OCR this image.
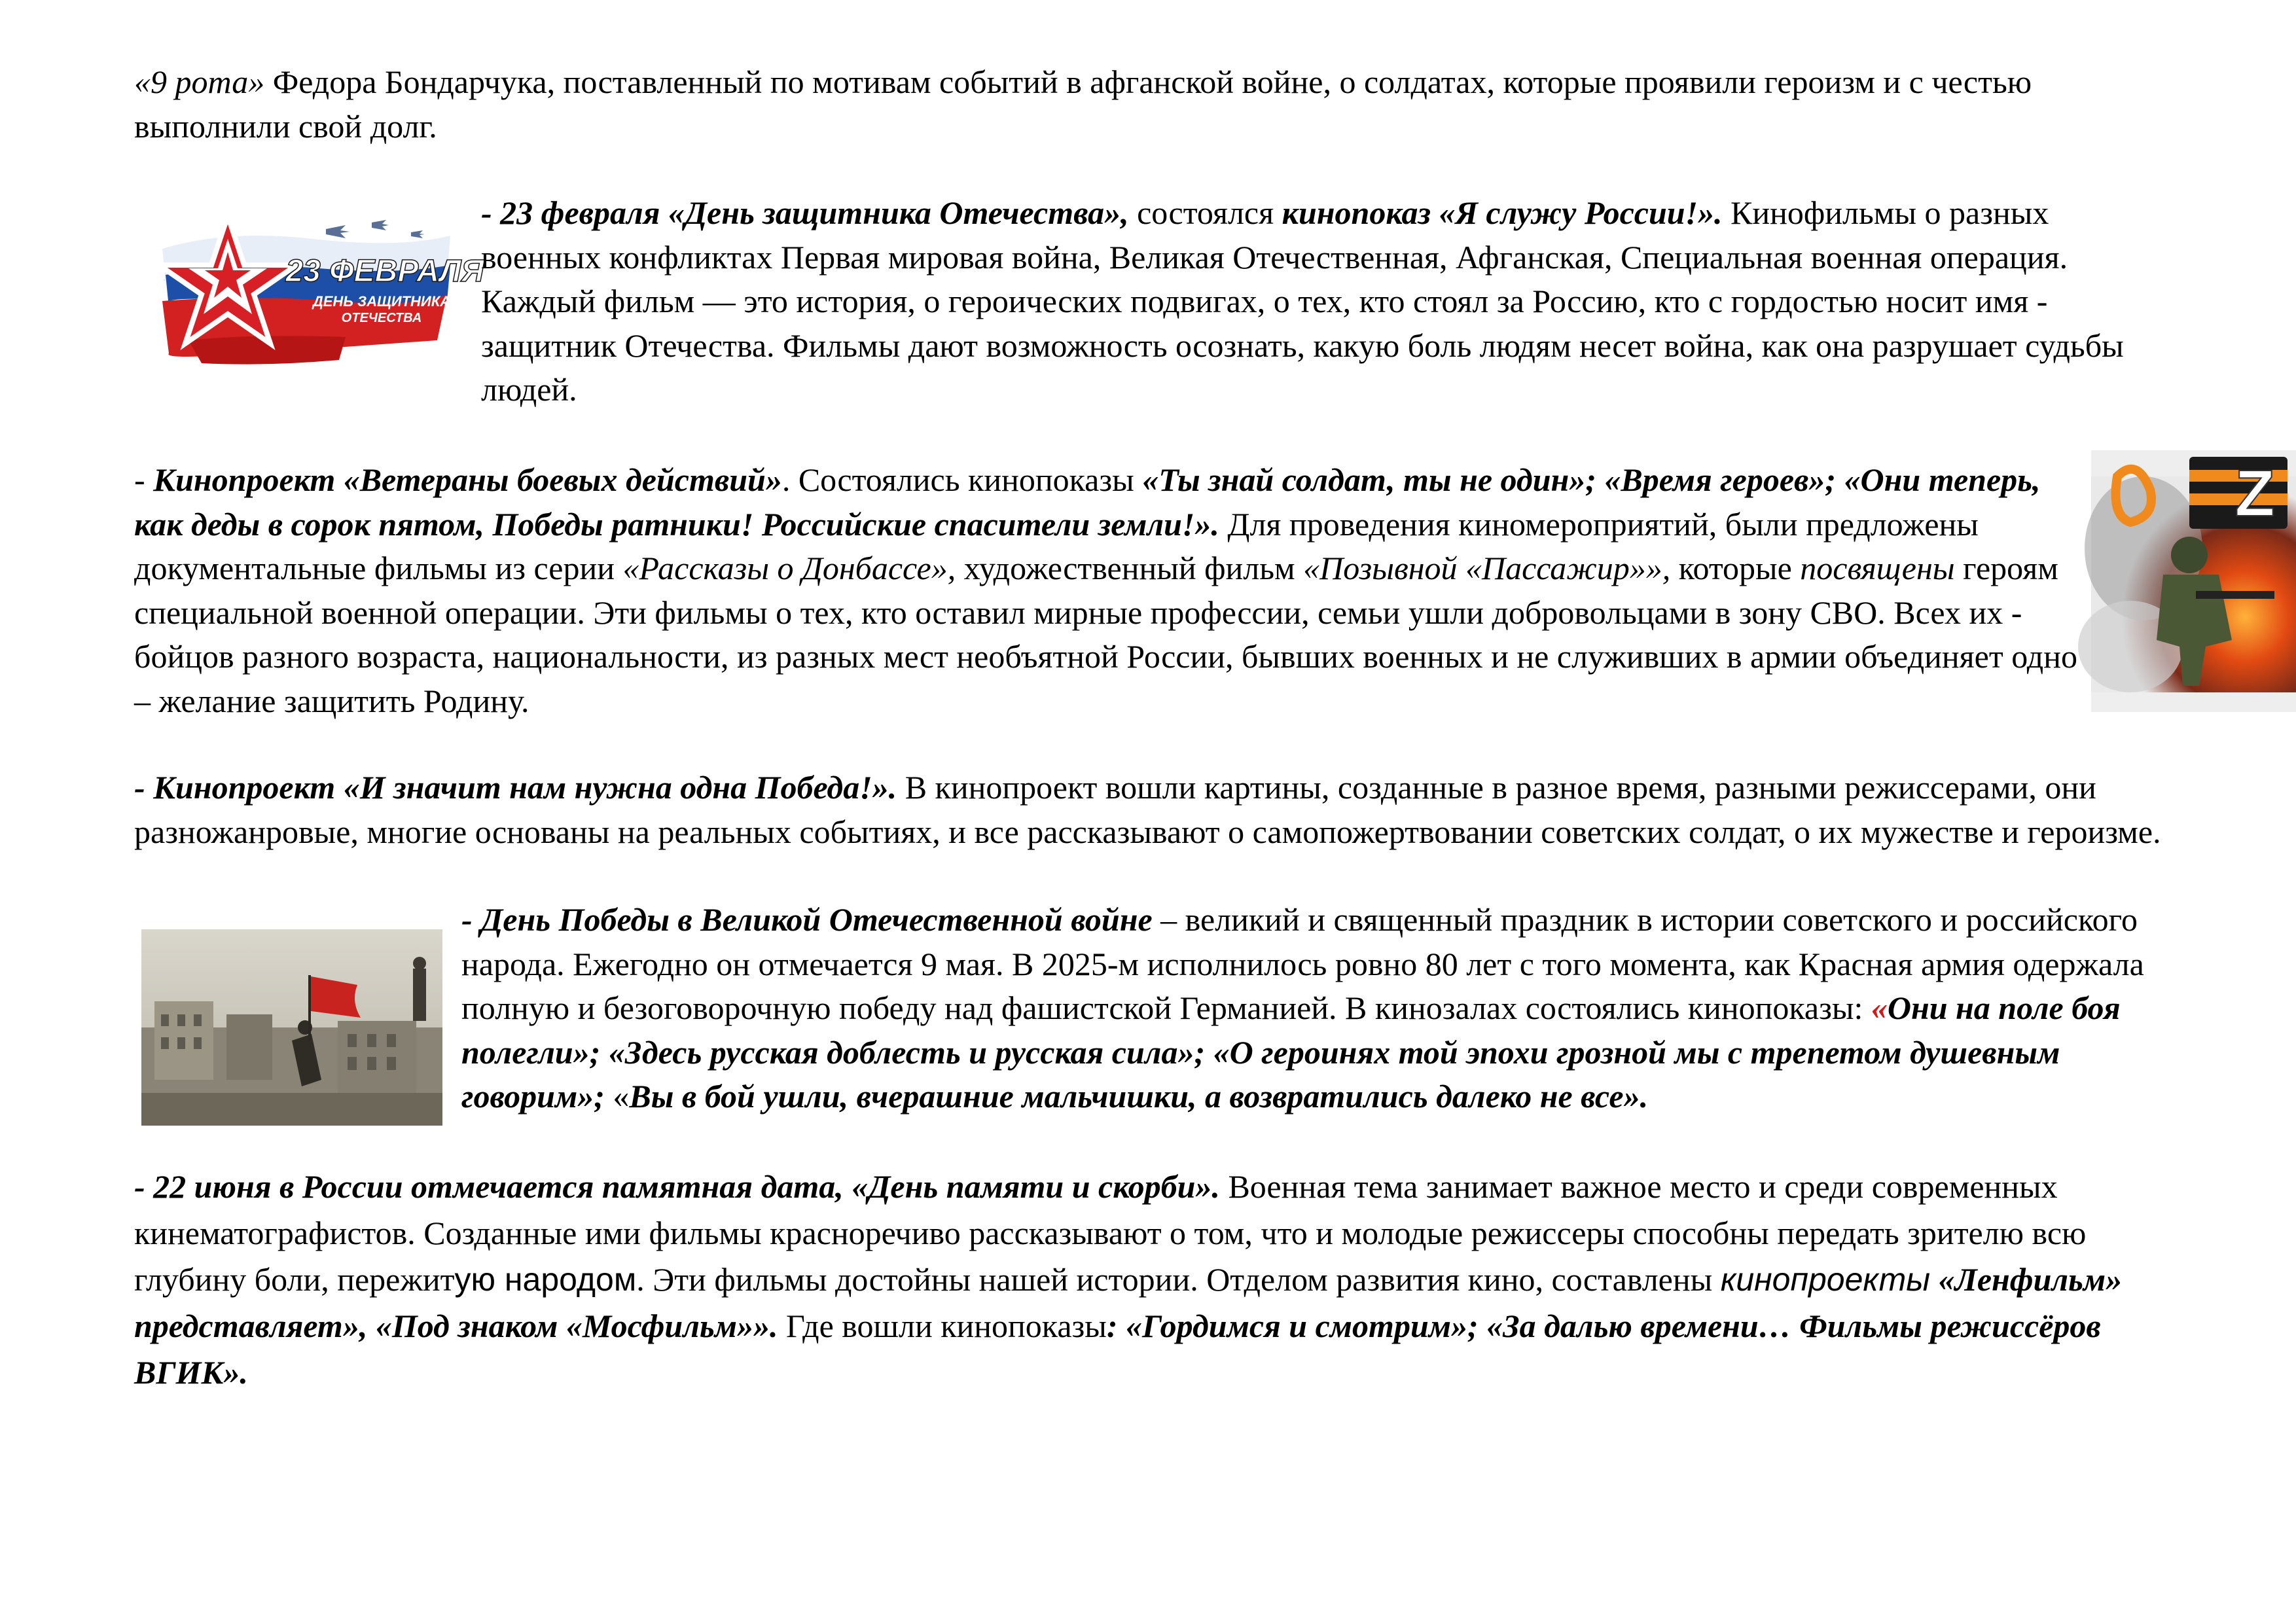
«9 рота» Федора Бондарчука, поставленный по мотивам событий в афганской войне, о солдатах, которые проявили героизм и с честью выполнили свой долг.

23 ФЕВРАЛЯ
ДЕНЬ ЗАЩИТНИКА
ОТЕЧЕСТВА

- 23 февраля «День защитника Отечества», состоялся кинопоказ «Я служу России!». Кинофильмы о разных военных конфликтах Первая мировая война, Великая Отечественная, Афганская, Специальная военная операция. Каждый фильм — это история, о героических подвигах, о тех, кто стоял за Россию, кто с гордостью носит имя - защитник Отечества. Фильмы дают возможность осознать, какую боль людям несет война, как она разрушает судьбы людей.

Z

- Кинопроект «Ветераны боевых действий». Состоялись кинопоказы «Ты знай солдат, ты не один»; «Время героев»; «Они теперь, как деды в сорок пятом, Победы ратники! Российские спасители земли!». Для проведения киномероприятий, были предложены документальные фильмы из серии «Рассказы о Донбассе», художественный фильм «Позывной «Пассажир»», которые посвящены героям специальной военной операции. Эти фильмы о тех, кто оставил мирные профессии, семьи ушли добровольцами в зону СВО. Всех их - бойцов разного возраста, национальности, из разных мест необъятной России, бывших военных и не служивших в армии объединяет одно – желание защитить Родину.

- Кинопроект «И значит нам нужна одна Победа!». В кинопроект вошли картины, созданные в разное время, разными режиссерами, они разножанровые, многие основаны на реальных событиях, и все рассказывают о самопожертвовании советских солдат, о их мужестве и героизме.

- День Победы в Великой Отечественной войне – великий и священный праздник в истории советского и российского народа. Ежегодно он отмечается 9 мая. В 2025-м исполнилось ровно 80 лет с того момента, как Красная армия одержала полную и безоговорочную победу над фашистской Германией. В кинозалах состоялись кинопоказы: «Они на поле боя полегли»; «Здесь русская доблесть и русская сила»; «О героинях той эпохи грозной мы с трепетом душевным говорим»; «Вы в бой ушли, вчерашние мальчишки, а возвратились далеко не все».

- 22 июня в России отмечается памятная дата, «День памяти и скорби». Военная тема занимает важное место и среди современных кинематографистов. Созданные ими фильмы красноречиво рассказывают о том, что и молодые режиссеры способны передать зрителю всю глубину боли, пережитую народом. Эти фильмы достойны нашей истории. Отделом развития кино, составлены кинопроекты «Ленфильм» представляет», «Под знаком «Мосфильм»». Где вошли кинопоказы: «Гордимся и смотрим»; «За далью времени… Фильмы режиссёров ВГИК».
